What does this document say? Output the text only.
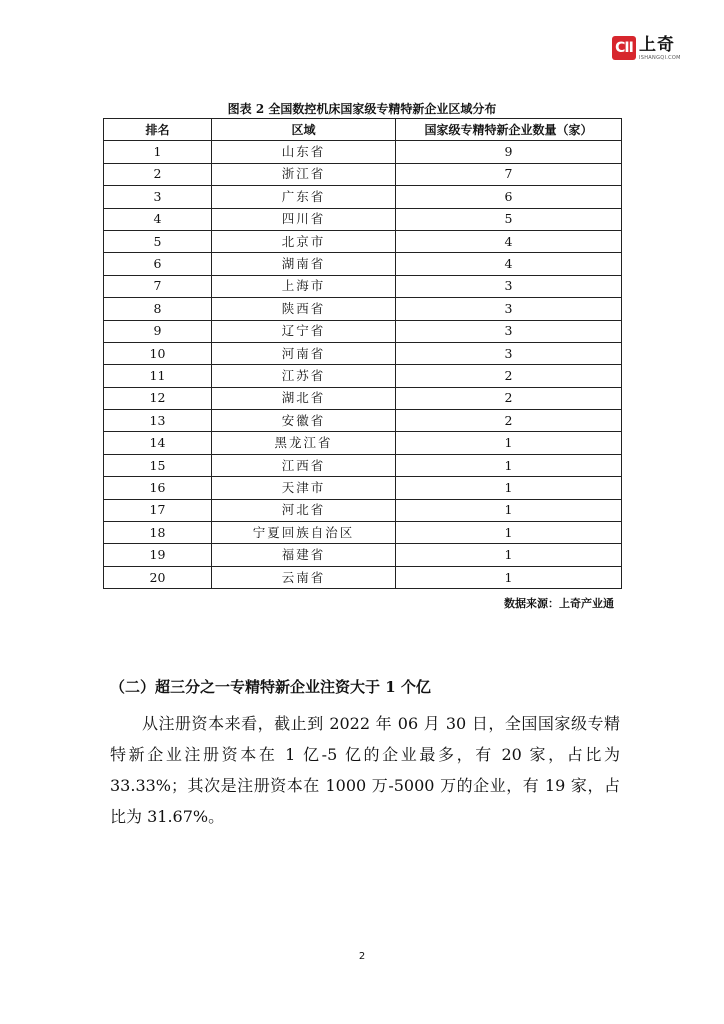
CII 上奇
ISHANGQI.COM
图表 2 全国数控机床国家级专精特新企业区域分布
排名	区域	国家级专精特新企业数量（家）
1	山东省	9
2	浙江省	7
3	广东省	6
4	四川省	5
5	北京市	4
6	湖南省	4
7	上海市	3
8	陕西省	3
9	辽宁省	3
10	河南省	3
11	江苏省	2
12	湖北省	2
13	安徽省	2
14	黑龙江省	1
15	江西省	1
16	天津市	1
17	河北省	1
18	宁夏回族自治区	1
19	福建省	1
20	云南省	1
数据来源：上奇产业通
（二）超三分之一专精特新企业注资大于 1 个亿

从注册资本来看，截止到 2022 年 06 月 30 日，全国国家级专精特新企业注册资本在 1 亿-5 亿的企业最多，有 20 家，占比为 33.33%；其次是注册资本在 1000 万-5000 万的企业，有 19 家，占比为 31.67%。

2
